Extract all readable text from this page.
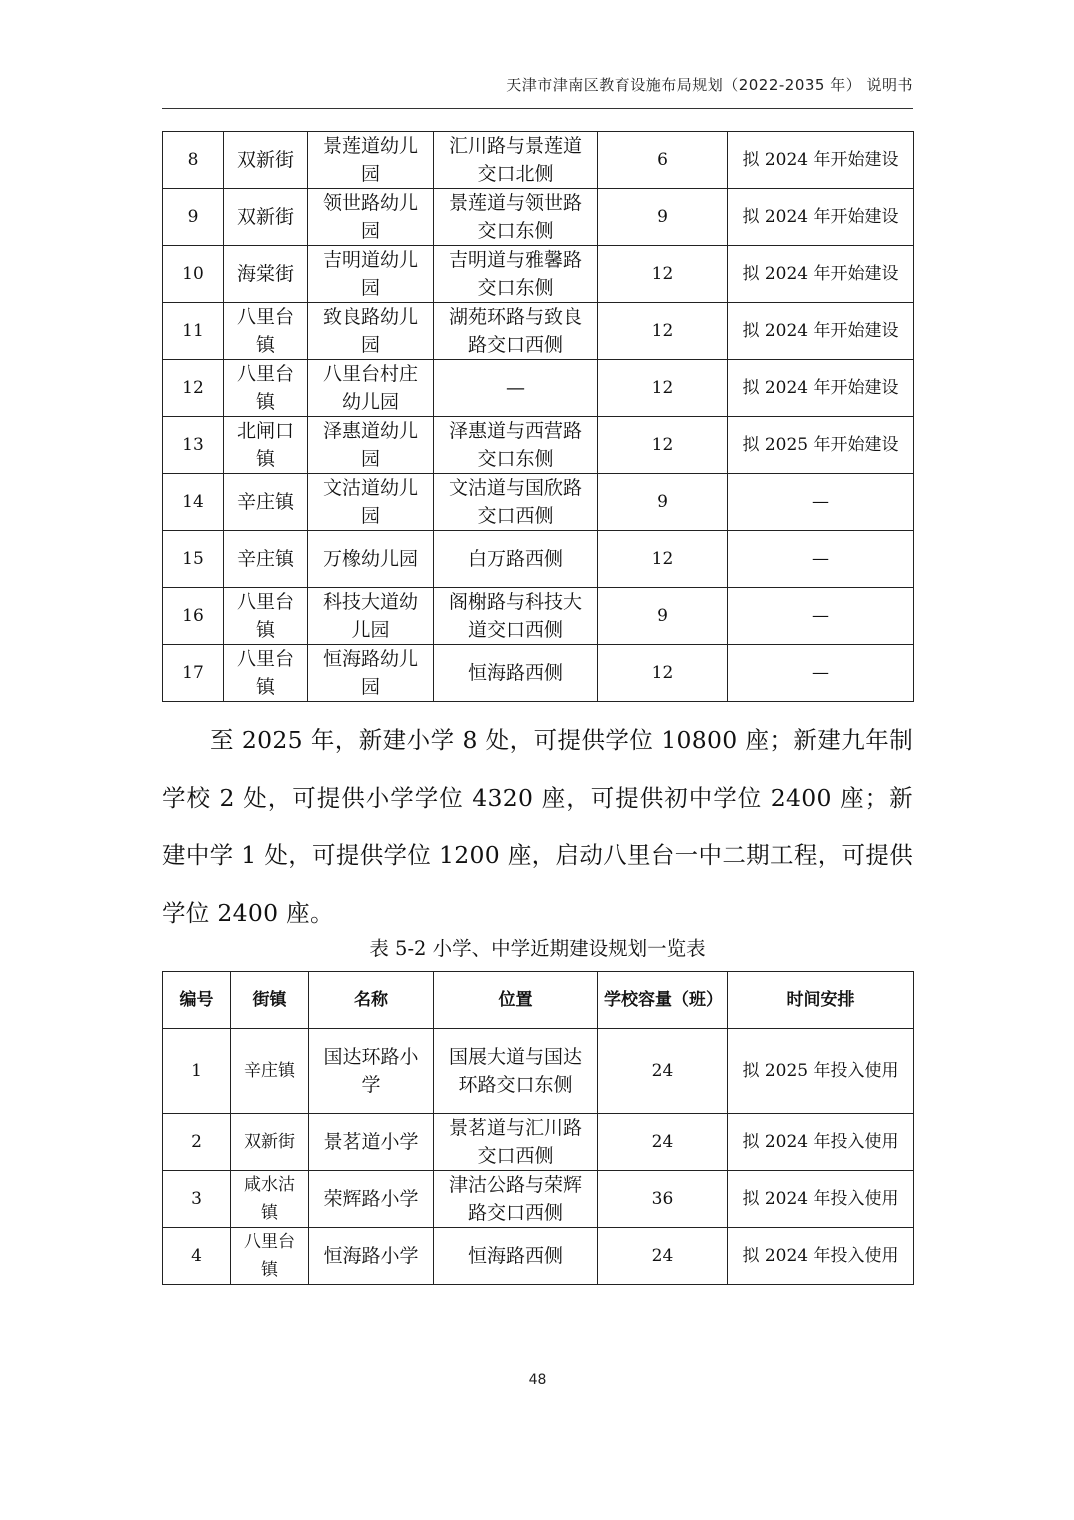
天津市津南区教育设施布局规划（2022-2035 年） 说明书
8	双新街	景莲道幼儿园	汇川路与景莲道交口北侧	6	拟 2024 年开始建设
9	双新街	领世路幼儿园	景莲道与领世路交口东侧	9	拟 2024 年开始建设
10	海棠街	吉明道幼儿园	吉明道与雅馨路交口东侧	12	拟 2024 年开始建设
11	八里台镇	致良路幼儿园	湖苑环路与致良路交口西侧	12	拟 2024 年开始建设
12	八里台镇	八里台村庄幼儿园	—	12	拟 2024 年开始建设
13	北闸口镇	泽惠道幼儿园	泽惠道与西营路交口东侧	12	拟 2025 年开始建设
14	辛庄镇	文沽道幼儿园	文沽道与国欣路交口西侧	9	—
15	辛庄镇	万橡幼儿园	白万路西侧	12	—
16	八里台镇	科技大道幼儿园	阁榭路与科技大道交口西侧	9	—
17	八里台镇	恒海路幼儿园	恒海路西侧	12	—
至 2025 年，新建小学 8 处，可提供学位 10800 座；新建九年制学校 2 处，可提供小学学位 4320 座，可提供初中学位 2400 座；新建中学 1 处，可提供学位 1200 座，启动八里台一中二期工程，可提供学位 2400 座。
表 5-2 小学、中学近期建设规划一览表
编号	街镇	名称	位置	学校容量（班）	时间安排
1	辛庄镇	国达环路小学	国展大道与国达环路交口东侧	24	拟 2025 年投入使用
2	双新街	景茗道小学	景茗道与汇川路交口西侧	24	拟 2024 年投入使用
3	咸水沽镇	荣辉路小学	津沽公路与荣辉路交口西侧	36	拟 2024 年投入使用
4	八里台镇	恒海路小学	恒海路西侧	24	拟 2024 年投入使用
48
